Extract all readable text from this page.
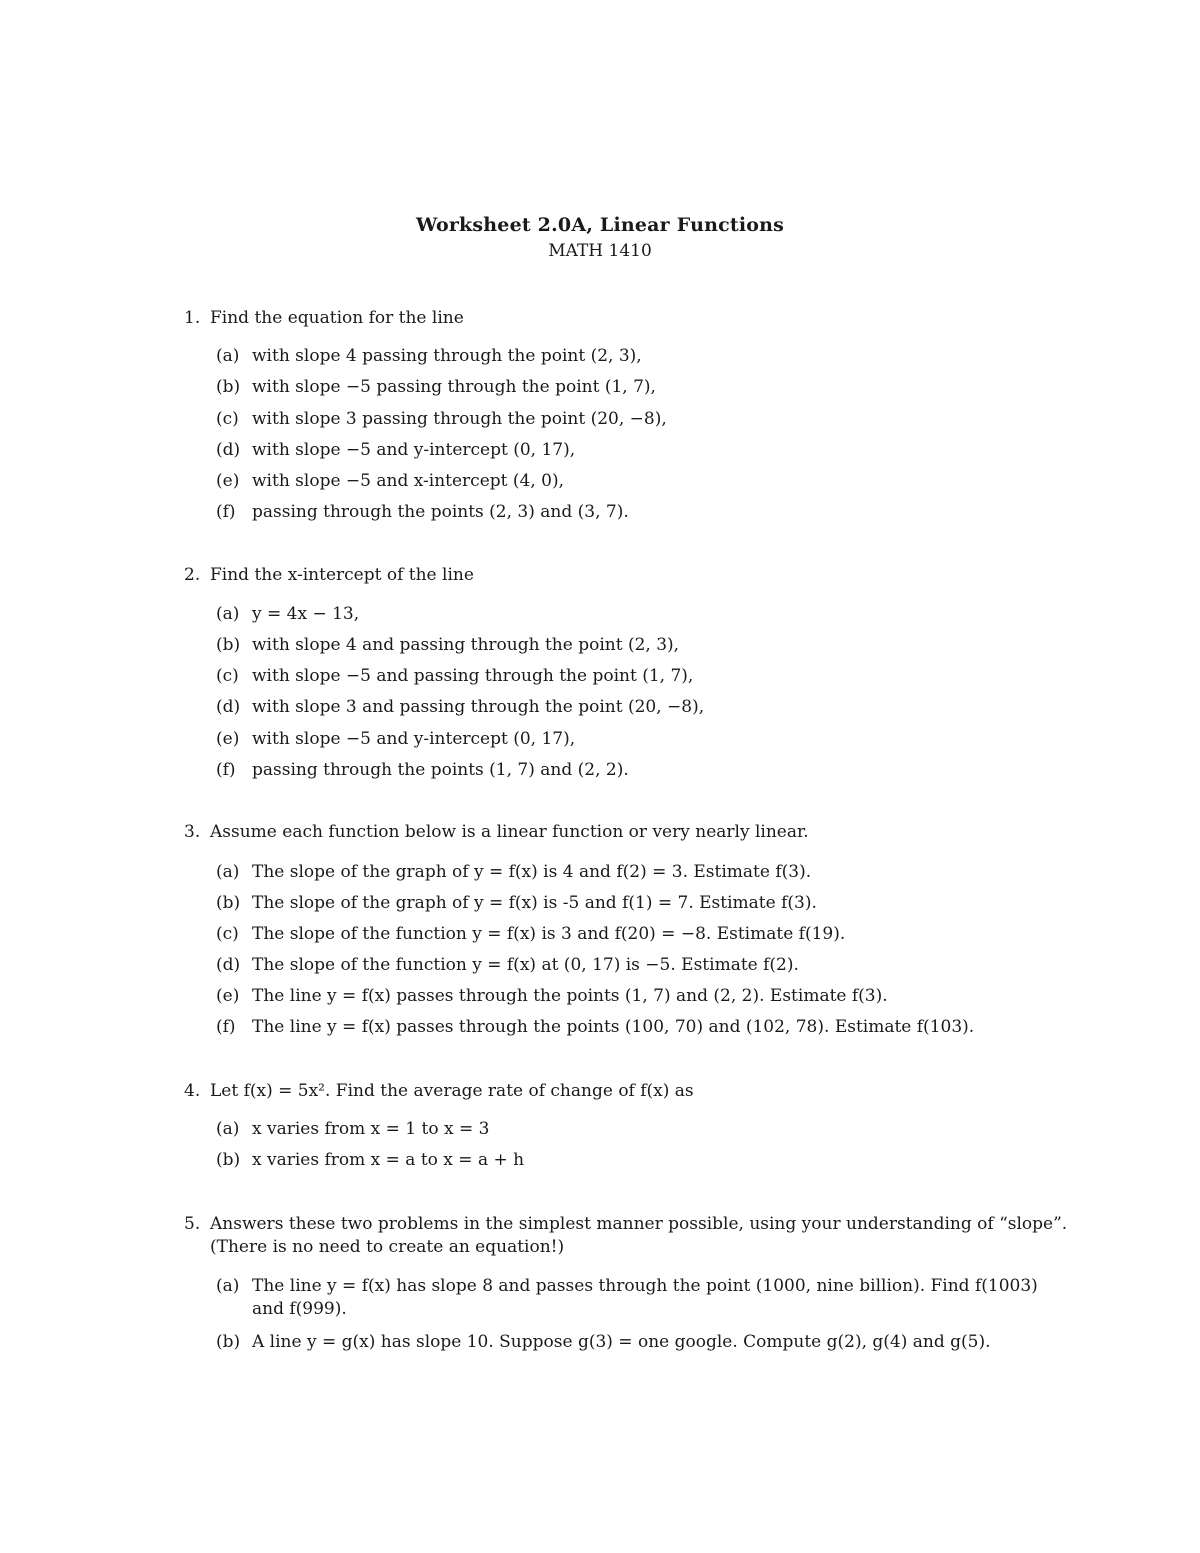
Worksheet 2.0A, Linear Functions
MATH 1410
1. Find the equation for the line
(a) with slope 4 passing through the point (2, 3),
(b) with slope −5 passing through the point (1, 7),
(c) with slope 3 passing through the point (20, −8),
(d) with slope −5 and y-intercept (0, 17),
(e) with slope −5 and x-intercept (4, 0),
(f) passing through the points (2, 3) and (3, 7).
2. Find the x-intercept of the line
(a) y = 4x − 13,
(b) with slope 4 and passing through the point (2, 3),
(c) with slope −5 and passing through the point (1, 7),
(d) with slope 3 and passing through the point (20, −8),
(e) with slope −5 and y-intercept (0, 17),
(f) passing through the points (1, 7) and (2, 2).
3. Assume each function below is a linear function or very nearly linear.
(a) The slope of the graph of y = f(x) is 4 and f(2) = 3. Estimate f(3).
(b) The slope of the graph of y = f(x) is -5 and f(1) = 7. Estimate f(3).
(c) The slope of the function y = f(x) is 3 and f(20) = −8. Estimate f(19).
(d) The slope of the function y = f(x) at (0, 17) is −5. Estimate f(2).
(e) The line y = f(x) passes through the points (1, 7) and (2, 2). Estimate f(3).
(f) The line y = f(x) passes through the points (100, 70) and (102, 78). Estimate f(103).
4. Let f(x) = 5x². Find the average rate of change of f(x) as
(a) x varies from x = 1 to x = 3
(b) x varies from x = a to x = a + h
5. Answers these two problems in the simplest manner possible, using your understanding of “slope”.
(There is no need to create an equation!)
(a) The line y = f(x) has slope 8 and passes through the point (1000, nine billion). Find f(1003)
and f(999).
(b) A line y = g(x) has slope 10. Suppose g(3) = one google. Compute g(2), g(4) and g(5).
